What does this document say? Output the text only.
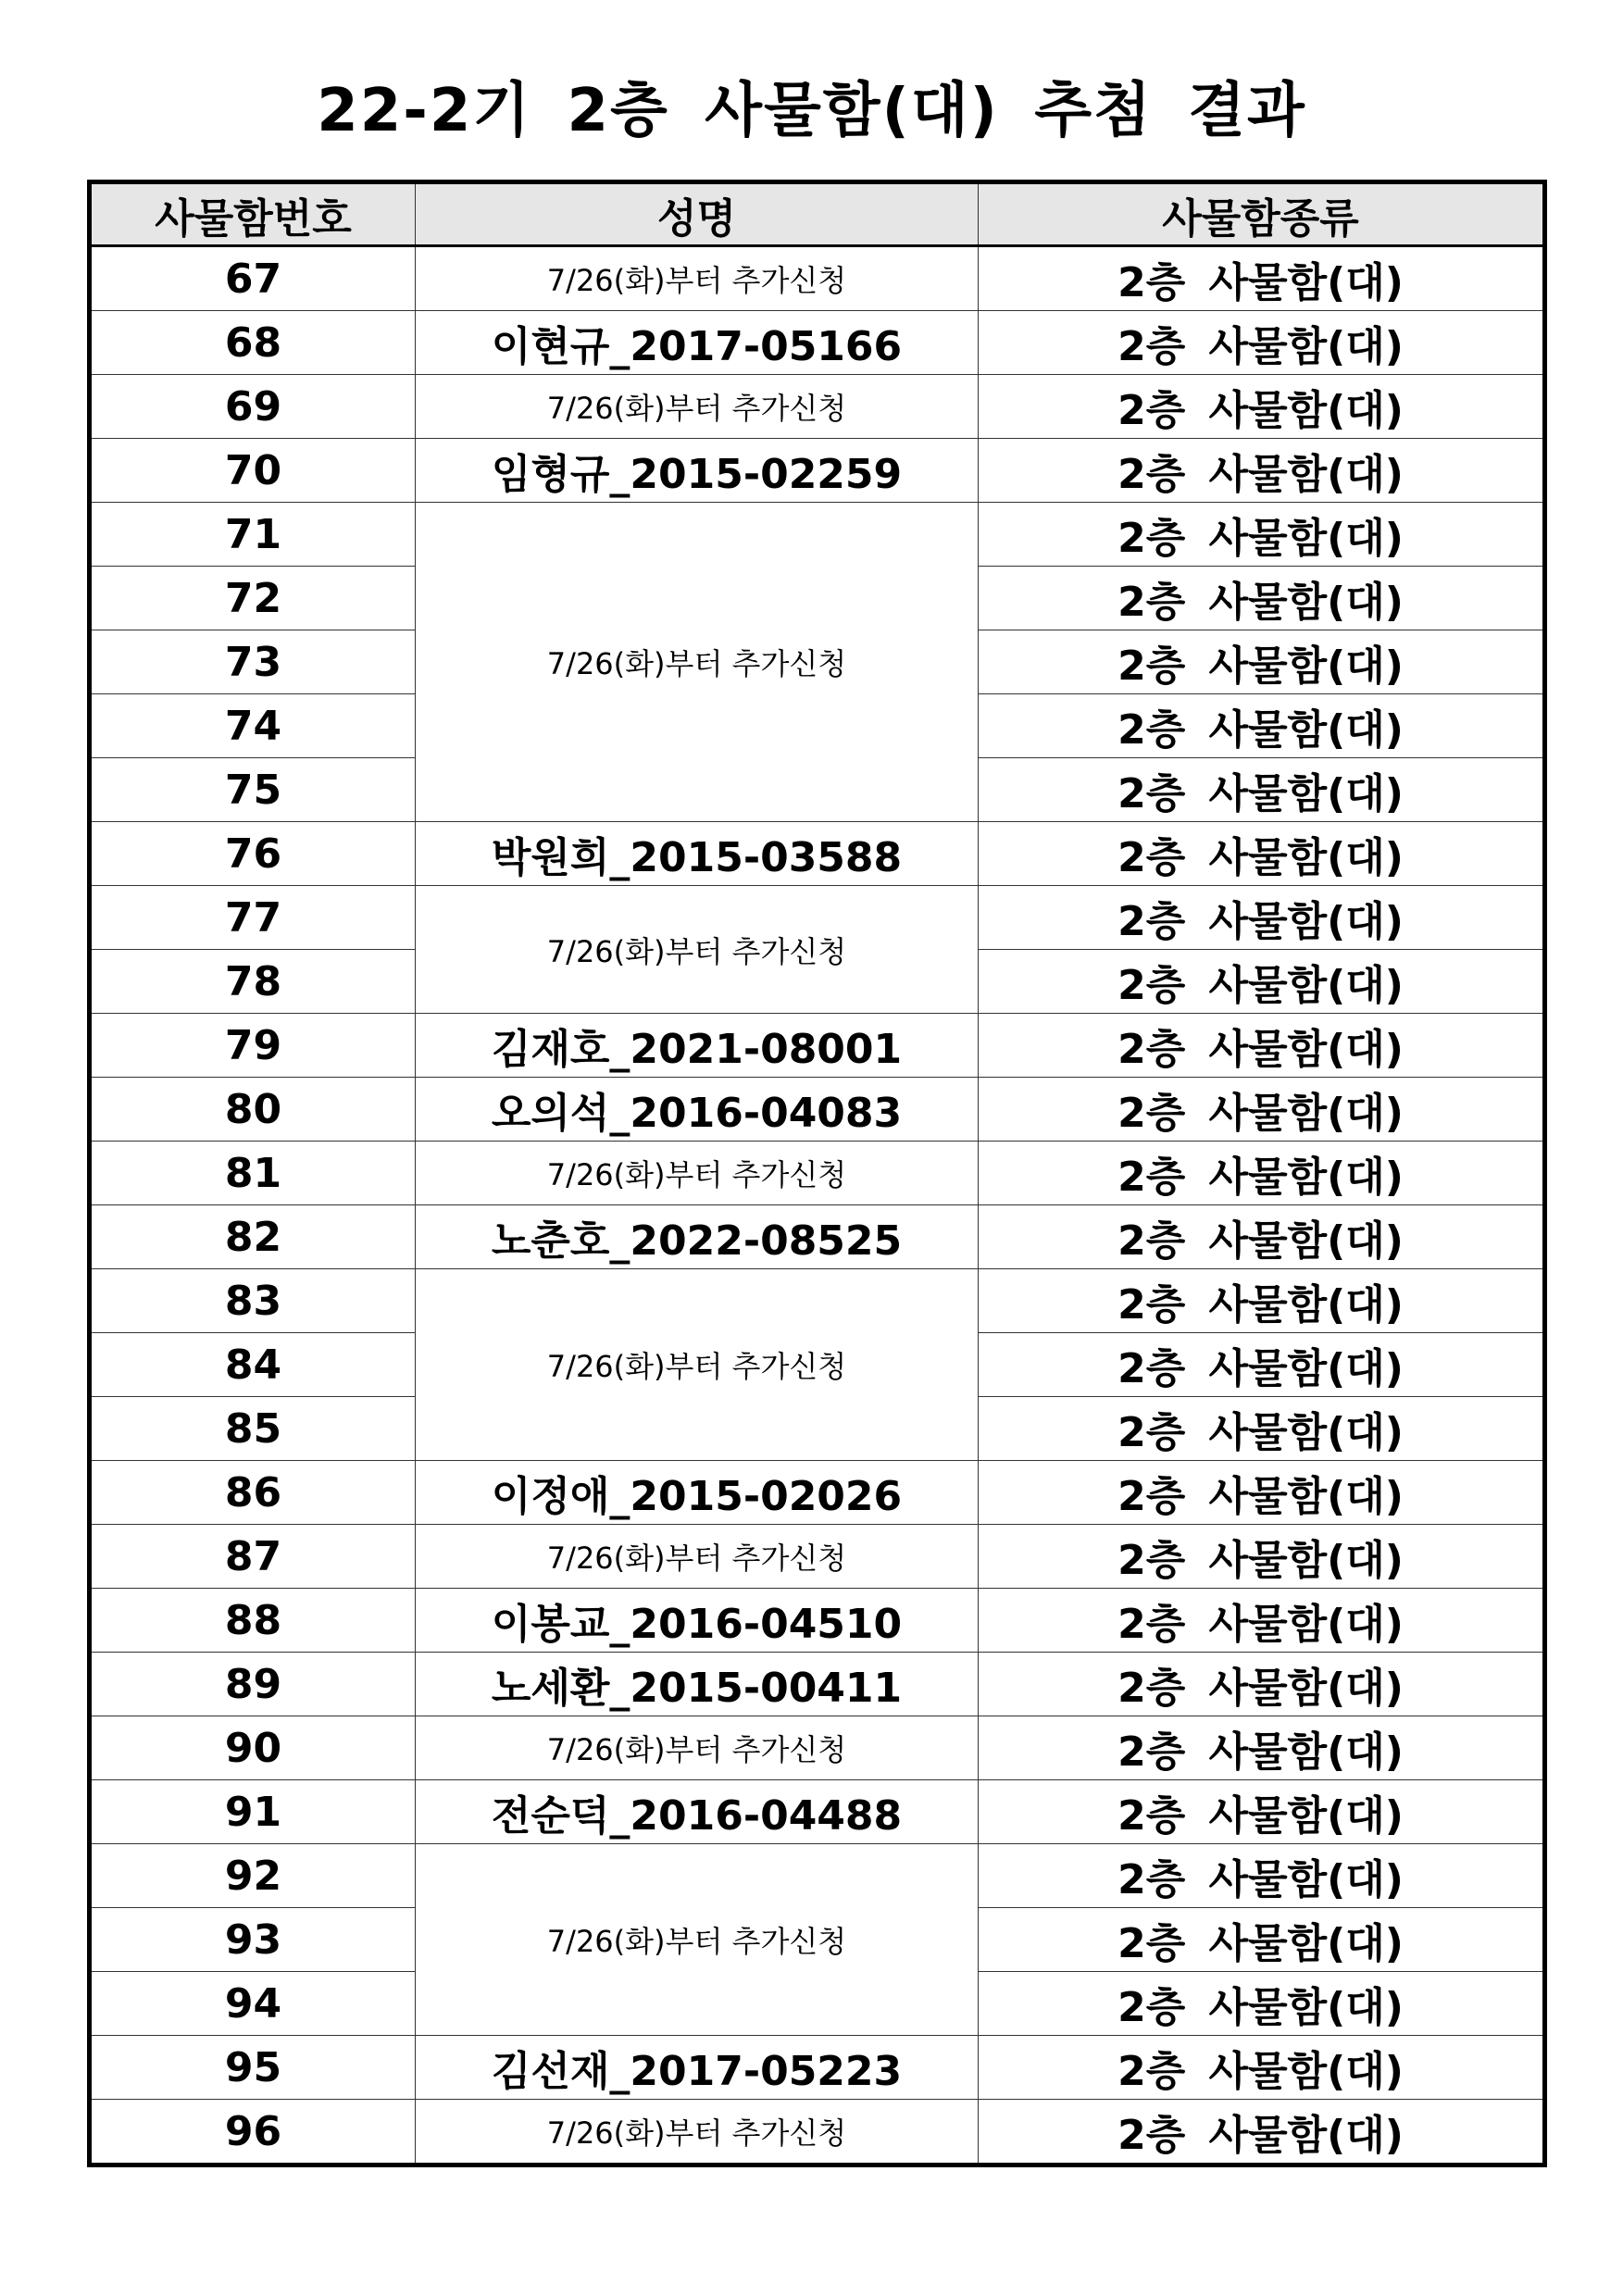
22-2기 2층 사물함(대) 추첨 결과
사물함번호	성명	사물함종류
67	7/26(화)부터 추가신청	2층 사물함(대)
68	이현규_2017-05166	2층 사물함(대)
69	7/26(화)부터 추가신청	2층 사물함(대)
70	임형규_2015-02259	2층 사물함(대)
71	7/26(화)부터 추가신청	2층 사물함(대)
72		2층 사물함(대)
73		2층 사물함(대)
74		2층 사물함(대)
75		2층 사물함(대)
76	박원희_2015-03588	2층 사물함(대)
77	7/26(화)부터 추가신청	2층 사물함(대)
78		2층 사물함(대)
79	김재호_2021-08001	2층 사물함(대)
80	오의석_2016-04083	2층 사물함(대)
81	7/26(화)부터 추가신청	2층 사물함(대)
82	노춘호_2022-08525	2층 사물함(대)
83	7/26(화)부터 추가신청	2층 사물함(대)
84		2층 사물함(대)
85		2층 사물함(대)
86	이정애_2015-02026	2층 사물함(대)
87	7/26(화)부터 추가신청	2층 사물함(대)
88	이봉교_2016-04510	2층 사물함(대)
89	노세환_2015-00411	2층 사물함(대)
90	7/26(화)부터 추가신청	2층 사물함(대)
91	전순덕_2016-04488	2층 사물함(대)
92	7/26(화)부터 추가신청	2층 사물함(대)
93		2층 사물함(대)
94		2층 사물함(대)
95	김선재_2017-05223	2층 사물함(대)
96	7/26(화)부터 추가신청	2층 사물함(대)
